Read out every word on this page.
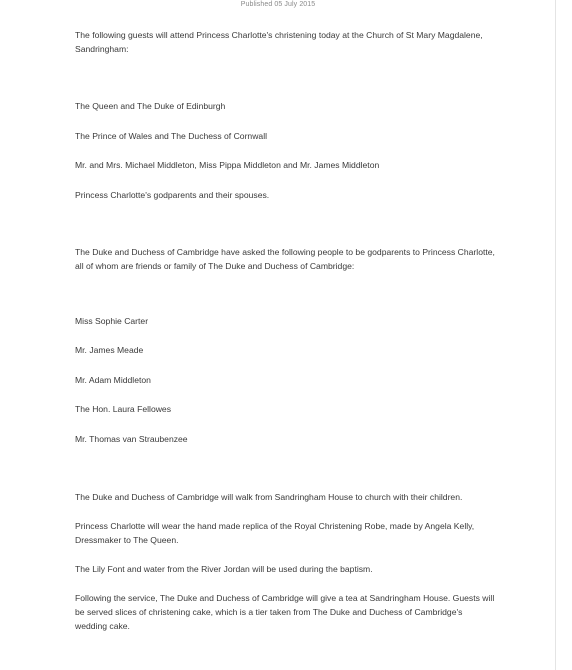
Published 05 July 2015

The following guests will attend Princess Charlotte's christening today at the Church of St Mary Magdalene, Sandringham:

The Queen and The Duke of Edinburgh

The Prince of Wales and The Duchess of Cornwall

Mr. and Mrs. Michael Middleton, Miss Pippa Middleton and Mr. James Middleton

Princess Charlotte's godparents and their spouses.

The Duke and Duchess of Cambridge have asked the following people to be godparents to Princess Charlotte, all of whom are friends or family of The Duke and Duchess of Cambridge:

Miss Sophie Carter

Mr. James Meade

Mr. Adam Middleton

The Hon. Laura Fellowes

Mr. Thomas van Straubenzee

The Duke and Duchess of Cambridge will walk from Sandringham House to church with their children.

Princess Charlotte will wear the hand made replica of the Royal Christening Robe, made by Angela Kelly, Dressmaker to The Queen.

The Lily Font and water from the River Jordan will be used during the baptism.

Following the service, The Duke and Duchess of Cambridge will give a tea at Sandringham House. Guests will be served slices of christening cake, which is a tier taken from The Duke and Duchess of Cambridge's wedding cake.
